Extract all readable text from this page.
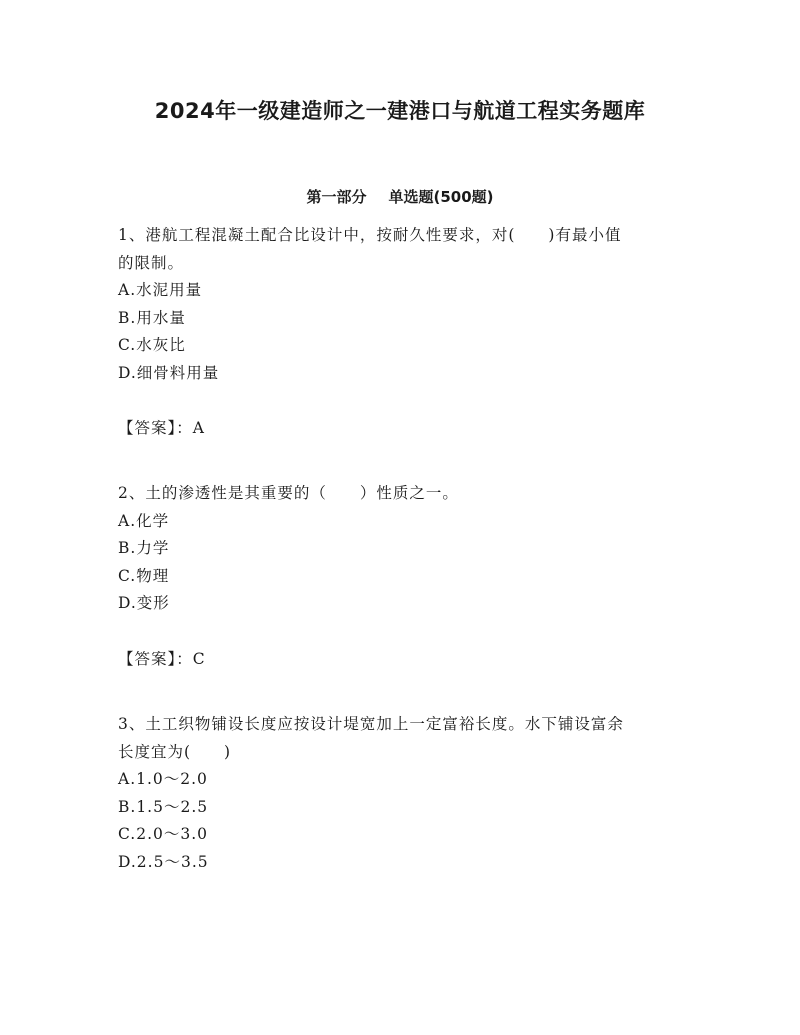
2024年一级建造师之一建港口与航道工程实务题库
第一部分 单选题(500题)

1、港航工程混凝土配合比设计中，按耐久性要求，对(　　)有最小值

的限制。

A.水泥用量

B.用水量

C.水灰比

D.细骨料用量

【答案】：A

2、土的渗透性是其重要的（　　）性质之一。

A.化学

B.力学

C.物理

D.变形

【答案】：C

3、土工织物铺设长度应按设计堤宽加上一定富裕长度。水下铺设富余

长度宜为(　　)

A.1.0～2.0

B.1.5～2.5

C.2.0～3.0

D.2.5～3.5
